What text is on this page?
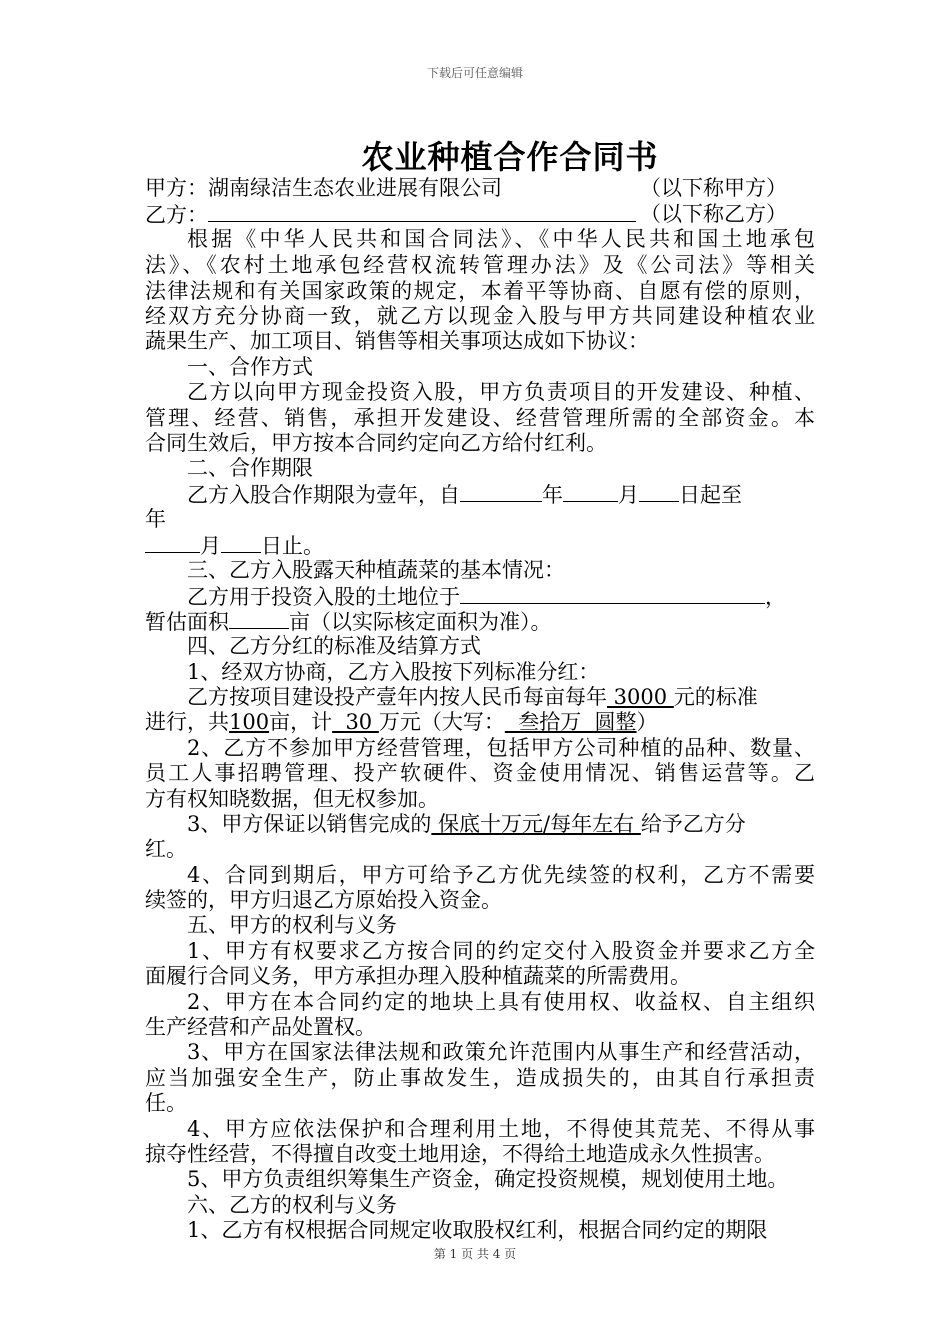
下载后可任意编辑
农业种植合作合同书
甲方：湖南绿洁生态农业进展有限公司	（以下称甲方）
乙方：	（以下称乙方）
根据《中华人民共和国合同法》、《中华人民共和国土地承包
法》、《农村土地承包经营权流转管理办法》及《公司法》等相关
法律法规和有关国家政策的规定，本着平等协商、自愿有偿的原则，
经双方充分协商一致，就乙方以现金入股与甲方共同建设种植农业
蔬果生产、加工项目、销售等相关事项达成如下协议：
一、合作方式
乙方以向甲方现金投资入股，甲方负责项目的开发建设、种植、
管理、经营、销售，承担开发建设、经营管理所需的全部资金。本
合同生效后，甲方按本合同约定向乙方给付红利。
二、合作期限
乙方入股合作期限为壹年，自	年	月 日起至
年
月 日止。
三、乙方入股露天种植蔬菜的基本情况：
乙方用于投资入股的土地位于	，
暂估面积	亩（以实际核定面积为准）。
四、乙方分红的标准及结算方式
1、经双方协商，乙方入股按下列标准分红：
乙方按项目建设投产壹年内按人民币每亩每年 3000 元的标准
进行，共100亩，计  30 万元（大写：  叁拾万  圆整）
2、乙方不参加甲方经营管理，包括甲方公司种植的品种、数量、
员工人事招聘管理、投产软硬件、资金使用情况、销售运营等。乙
方有权知晓数据，但无权参加。
3、甲方保证以销售完成的 保底十万元/每年左右 给予乙方分
红。
4、合同到期后，甲方可给予乙方优先续签的权利，乙方不需要
续签的，甲方归退乙方原始投入资金。
五、甲方的权利与义务
1、甲方有权要求乙方按合同的约定交付入股资金并要求乙方全
面履行合同义务，甲方承担办理入股种植蔬菜的所需费用。
2、甲方在本合同约定的地块上具有使用权、收益权、自主组织
生产经营和产品处置权。
3、甲方在国家法律法规和政策允许范围内从事生产和经营活动，
应当加强安全生产，防止事故发生，造成损失的，由其自行承担责
任。
4、甲方应依法保护和合理利用土地，不得使其荒芜、不得从事
掠夺性经营，不得擅自改变土地用途，不得给土地造成永久性损害。
5、甲方负责组织筹集生产资金，确定投资规模，规划使用土地。
六、乙方的权利与义务
1、乙方有权根据合同规定收取股权红利，根据合同约定的期限
第 1 页 共 4 页
